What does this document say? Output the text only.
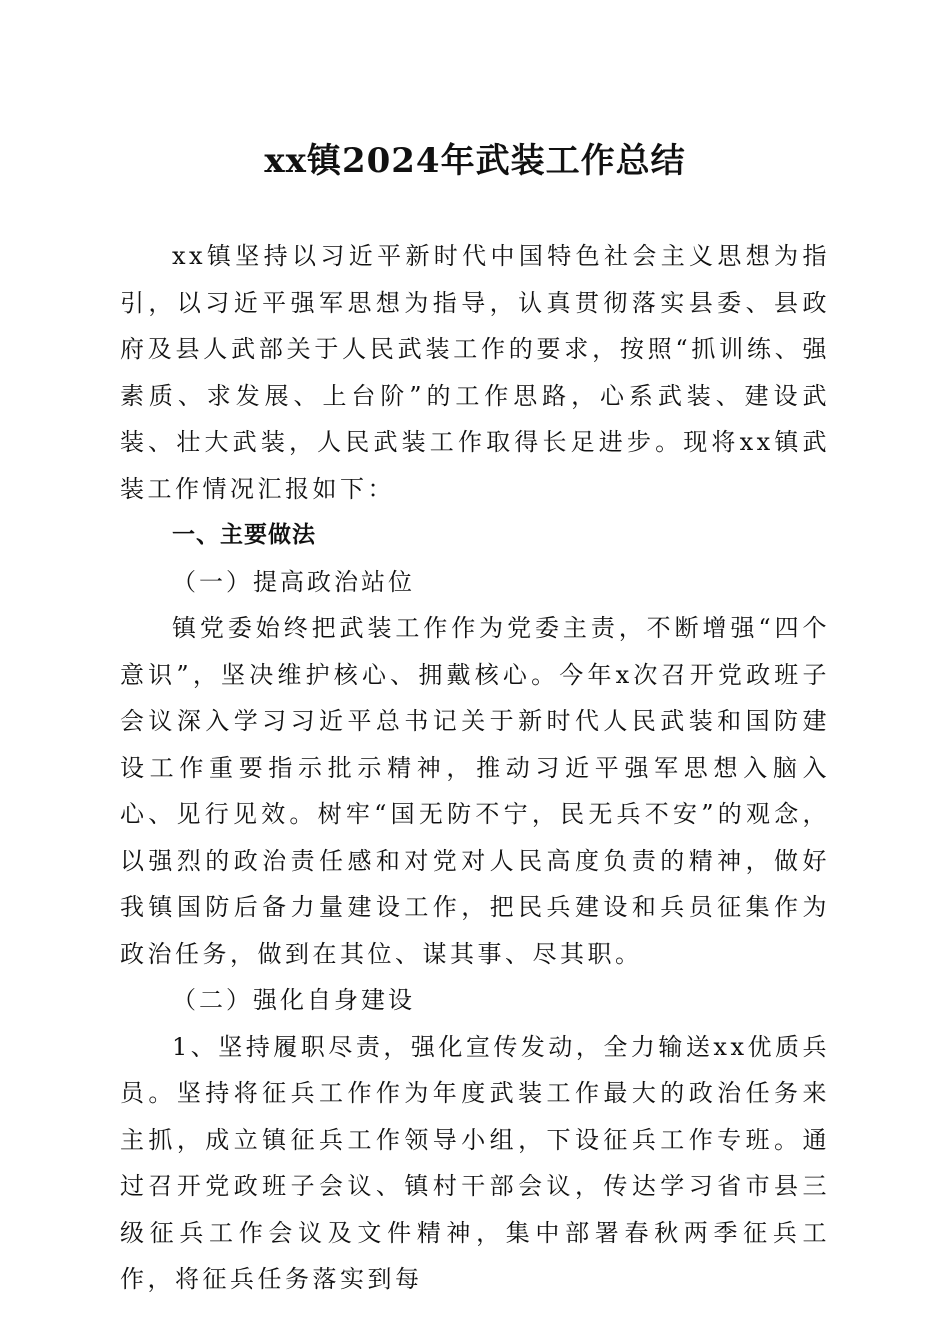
xx镇2024年武装工作总结

xx镇坚持以习近平新时代中国特色社会主义思想为指引，以习近平强军思想为指导，认真贯彻落实县委、县政府及县人武部关于人民武装工作的要求，按照“抓训练、强素质、求发展、上台阶”的工作思路，心系武装、建设武装、壮大武装，人民武装工作取得长足进步。现将xx镇武装工作情况汇报如下：

一、主要做法

（一）提高政治站位

镇党委始终把武装工作作为党委主责，不断增强“四个意识”，坚决维护核心、拥戴核心。今年x次召开党政班子会议深入学习习近平总书记关于新时代人民武装和国防建设工作重要指示批示精神，推动习近平强军思想入脑入心、见行见效。树牢“国无防不宁，民无兵不安”的观念，以强烈的政治责任感和对党对人民高度负责的精神，做好我镇国防后备力量建设工作，把民兵建设和兵员征集作为政治任务，做到在其位、谋其事、尽其职。

（二）强化自身建设

1、坚持履职尽责，强化宣传发动，全力输送xx优质兵员。坚持将征兵工作作为年度武装工作最大的政治任务来主抓，成立镇征兵工作领导小组，下设征兵工作专班。通过召开党政班子会议、镇村干部会议，传达学习省市县三级征兵工作会议及文件精神，集中部署春秋两季征兵工作，将征兵任务落实到每
